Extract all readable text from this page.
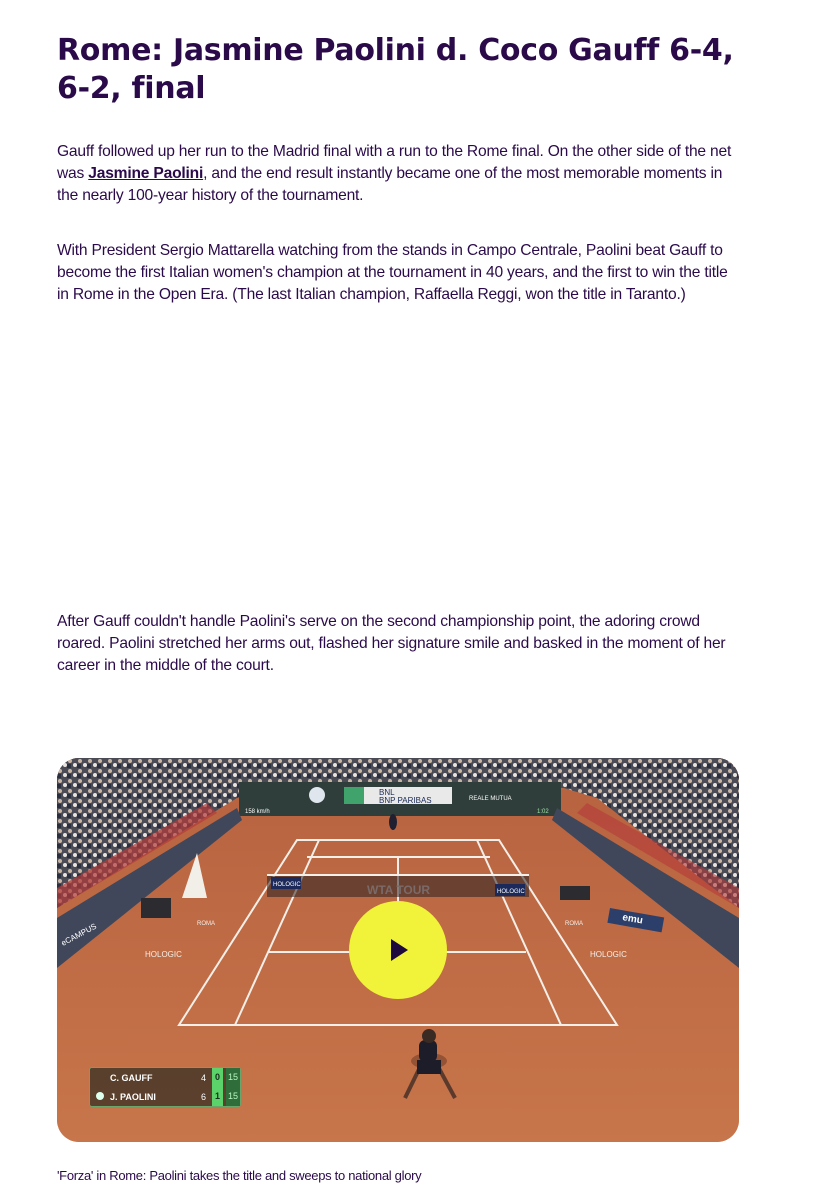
Rome: Jasmine Paolini d. Coco Gauff 6-4, 6-2, final

Gauff followed up her run to the Madrid final with a run to the Rome final. On the other side of the net was Jasmine Paolini, and the end result instantly became one of the most memorable moments in the nearly 100-year history of the tournament.

With President Sergio Mattarella watching from the stands in Campo Centrale, Paolini beat Gauff to become the first Italian women's champion at the tournament in 40 years, and the first to win the title in Rome in the Open Era. (The last Italian champion, Raffaella Reggi, won the title in Taranto.)

After Gauff couldn't handle Paolini's serve on the second championship point, the adoring crowd roared. Paolini stretched her arms out, flashed her signature smile and basked in the moment of her career in the middle of the court.

BNL
BNP PARIBAS	REALE MUTUA
158 km/h	1:02
eCAMPUS
HOLOGIC
HOLOGIC
WTA TOUR
HOLOGIC	HOLOGIC
ROMA	ROMA	emu
C. GAUFF	4 0 15
J. PAOLINI	6 1 15

'Forza' in Rome: Paolini takes the title and sweeps to national glory
